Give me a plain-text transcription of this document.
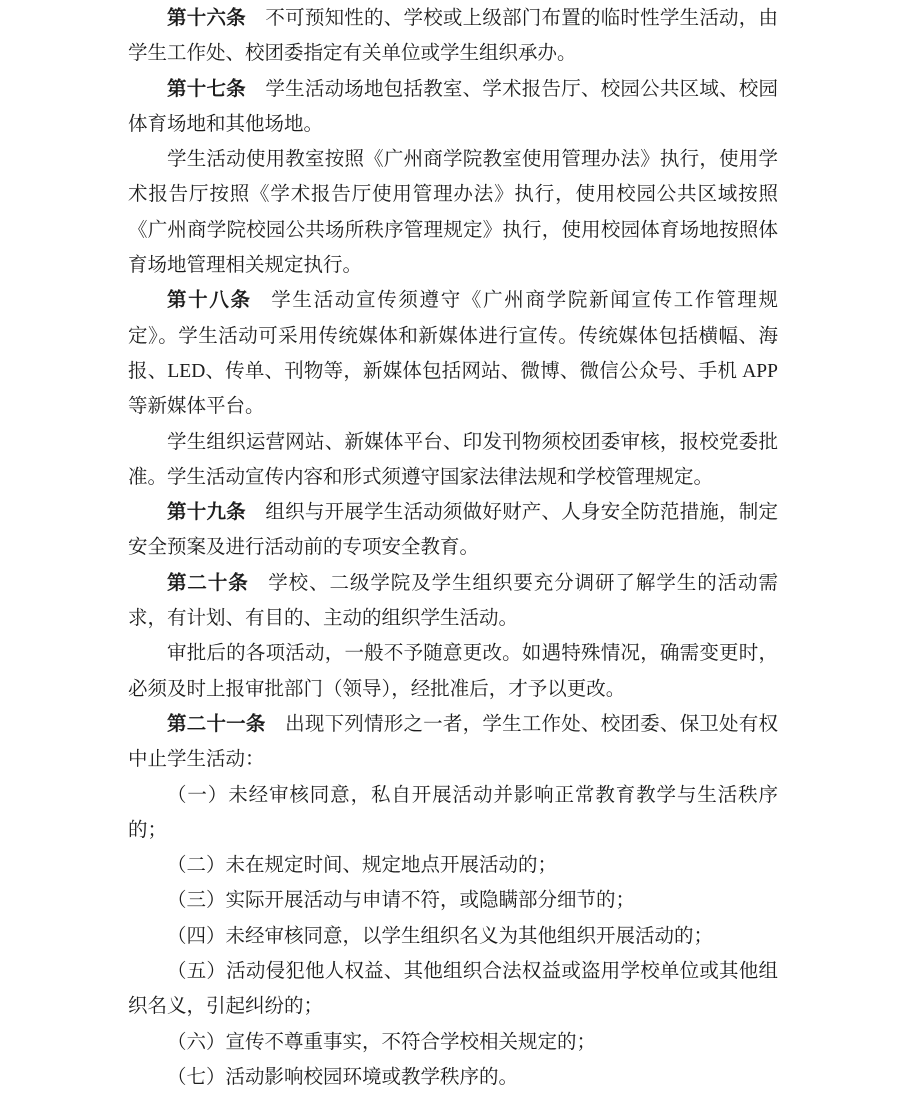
第十六条 不可预知性的、学校或上级部门布置的临时性学生活动，由学生工作处、校团委指定有关单位或学生组织承办。

第十七条 学生活动场地包括教室、学术报告厅、校园公共区域、校园体育场地和其他场地。

学生活动使用教室按照《广州商学院教室使用管理办法》执行，使用学术报告厅按照《学术报告厅使用管理办法》执行，使用校园公共区域按照《广州商学院校园公共场所秩序管理规定》执行，使用校园体育场地按照体育场地管理相关规定执行。

第十八条 学生活动宣传须遵守《广州商学院新闻宣传工作管理规定》。学生活动可采用传统媒体和新媒体进行宣传。传统媒体包括横幅、海报、LED、传单、刊物等，新媒体包括网站、微博、微信公众号、手机 APP 等新媒体平台。

学生组织运营网站、新媒体平台、印发刊物须校团委审核，报校党委批准。学生活动宣传内容和形式须遵守国家法律法规和学校管理规定。

第十九条 组织与开展学生活动须做好财产、人身安全防范措施，制定安全预案及进行活动前的专项安全教育。

第二十条 学校、二级学院及学生组织要充分调研了解学生的活动需求，有计划、有目的、主动的组织学生活动。

审批后的各项活动，一般不予随意更改。如遇特殊情况，确需变更时，必须及时上报审批部门（领导），经批准后，才予以更改。

第二十一条 出现下列情形之一者，学生工作处、校团委、保卫处有权中止学生活动：

（一）未经审核同意，私自开展活动并影响正常教育教学与生活秩序的；

（二）未在规定时间、规定地点开展活动的；

（三）实际开展活动与申请不符，或隐瞒部分细节的；

（四）未经审核同意，以学生组织名义为其他组织开展活动的；

（五）活动侵犯他人权益、其他组织合法权益或盗用学校单位或其他组织名义，引起纠纷的；

（六）宣传不尊重事实，不符合学校相关规定的；

（七）活动影响校园环境或教学秩序的。
